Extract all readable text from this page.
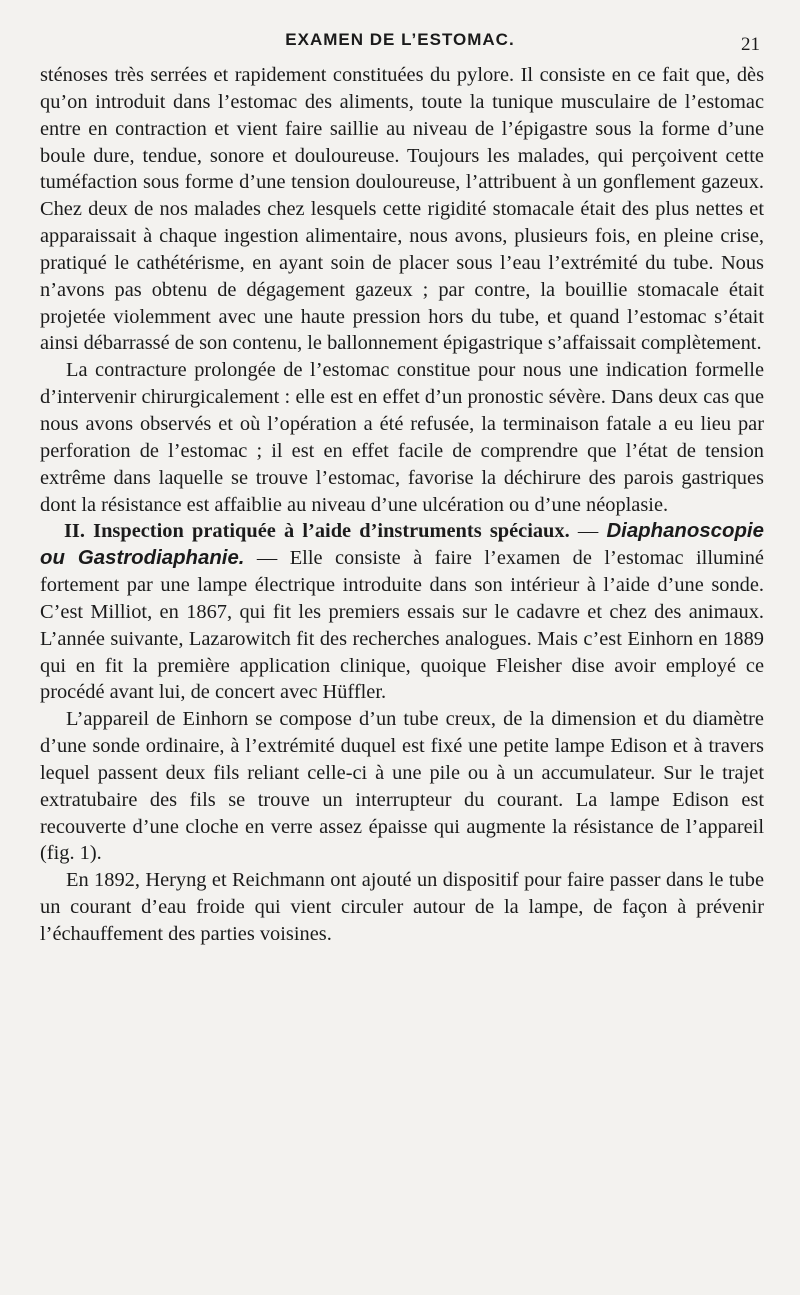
EXAMEN DE L’ESTOMAC.	21

sténoses très serrées et rapidement constituées du pylore. Il consiste en ce fait que, dès qu’on introduit dans l’estomac des aliments, toute la tunique musculaire de l’estomac entre en contraction et vient faire saillie au niveau de l’épigastre sous la forme d’une boule dure, tendue, sonore et douloureuse. Toujours les malades, qui perçoivent cette tuméfaction sous forme d’une tension douloureuse, l’attribuent à un gonflement gazeux. Chez deux de nos malades chez lesquels cette rigidité stomacale était des plus nettes et apparaissait à chaque ingestion alimentaire, nous avons, plusieurs fois, en pleine crise, pratiqué le cathétérisme, en ayant soin de placer sous l’eau l’extrémité du tube. Nous n’avons pas obtenu de dégagement gazeux ; par contre, la bouillie stomacale était projetée violemment avec une haute pression hors du tube, et quand l’estomac s’était ainsi débarrassé de son contenu, le ballonnement épigastrique s’affaissait complètement.

La contracture prolongée de l’estomac constitue pour nous une indication formelle d’intervenir chirurgicalement : elle est en effet d’un pronostic sévère. Dans deux cas que nous avons observés et où l’opération a été refusée, la terminaison fatale a eu lieu par perforation de l’estomac ; il est en effet facile de comprendre que l’état de tension extrême dans laquelle se trouve l’estomac, favorise la déchirure des parois gastriques dont la résistance est affaiblie au niveau d’une ulcération ou d’une néoplasie.

II. Inspection pratiquée à l’aide d’instruments spéciaux. — Diaphanoscopie ou Gastrodiaphanie. — Elle consiste à faire l’examen de l’estomac illuminé fortement par une lampe électrique introduite dans son intérieur à l’aide d’une sonde. C’est Milliot, en 1867, qui fit les premiers essais sur le cadavre et chez des animaux. L’année suivante, Lazarowitch fit des recherches analogues. Mais c’est Einhorn en 1889 qui en fit la première application clinique, quoique Fleisher dise avoir employé ce procédé avant lui, de concert avec Hüffler.

L’appareil de Einhorn se compose d’un tube creux, de la dimension et du diamètre d’une sonde ordinaire, à l’extrémité duquel est fixé une petite lampe Edison et à travers lequel passent deux fils reliant celle-ci à une pile ou à un accumulateur. Sur le trajet extratubaire des fils se trouve un interrupteur du courant. La lampe Edison est recouverte d’une cloche en verre assez épaisse qui augmente la résistance de l’appareil (fig. 1).

En 1892, Heryng et Reichmann ont ajouté un dispositif pour faire passer dans le tube un courant d’eau froide qui vient circuler autour de la lampe, de façon à prévenir l’échauffement des parties voisines.
